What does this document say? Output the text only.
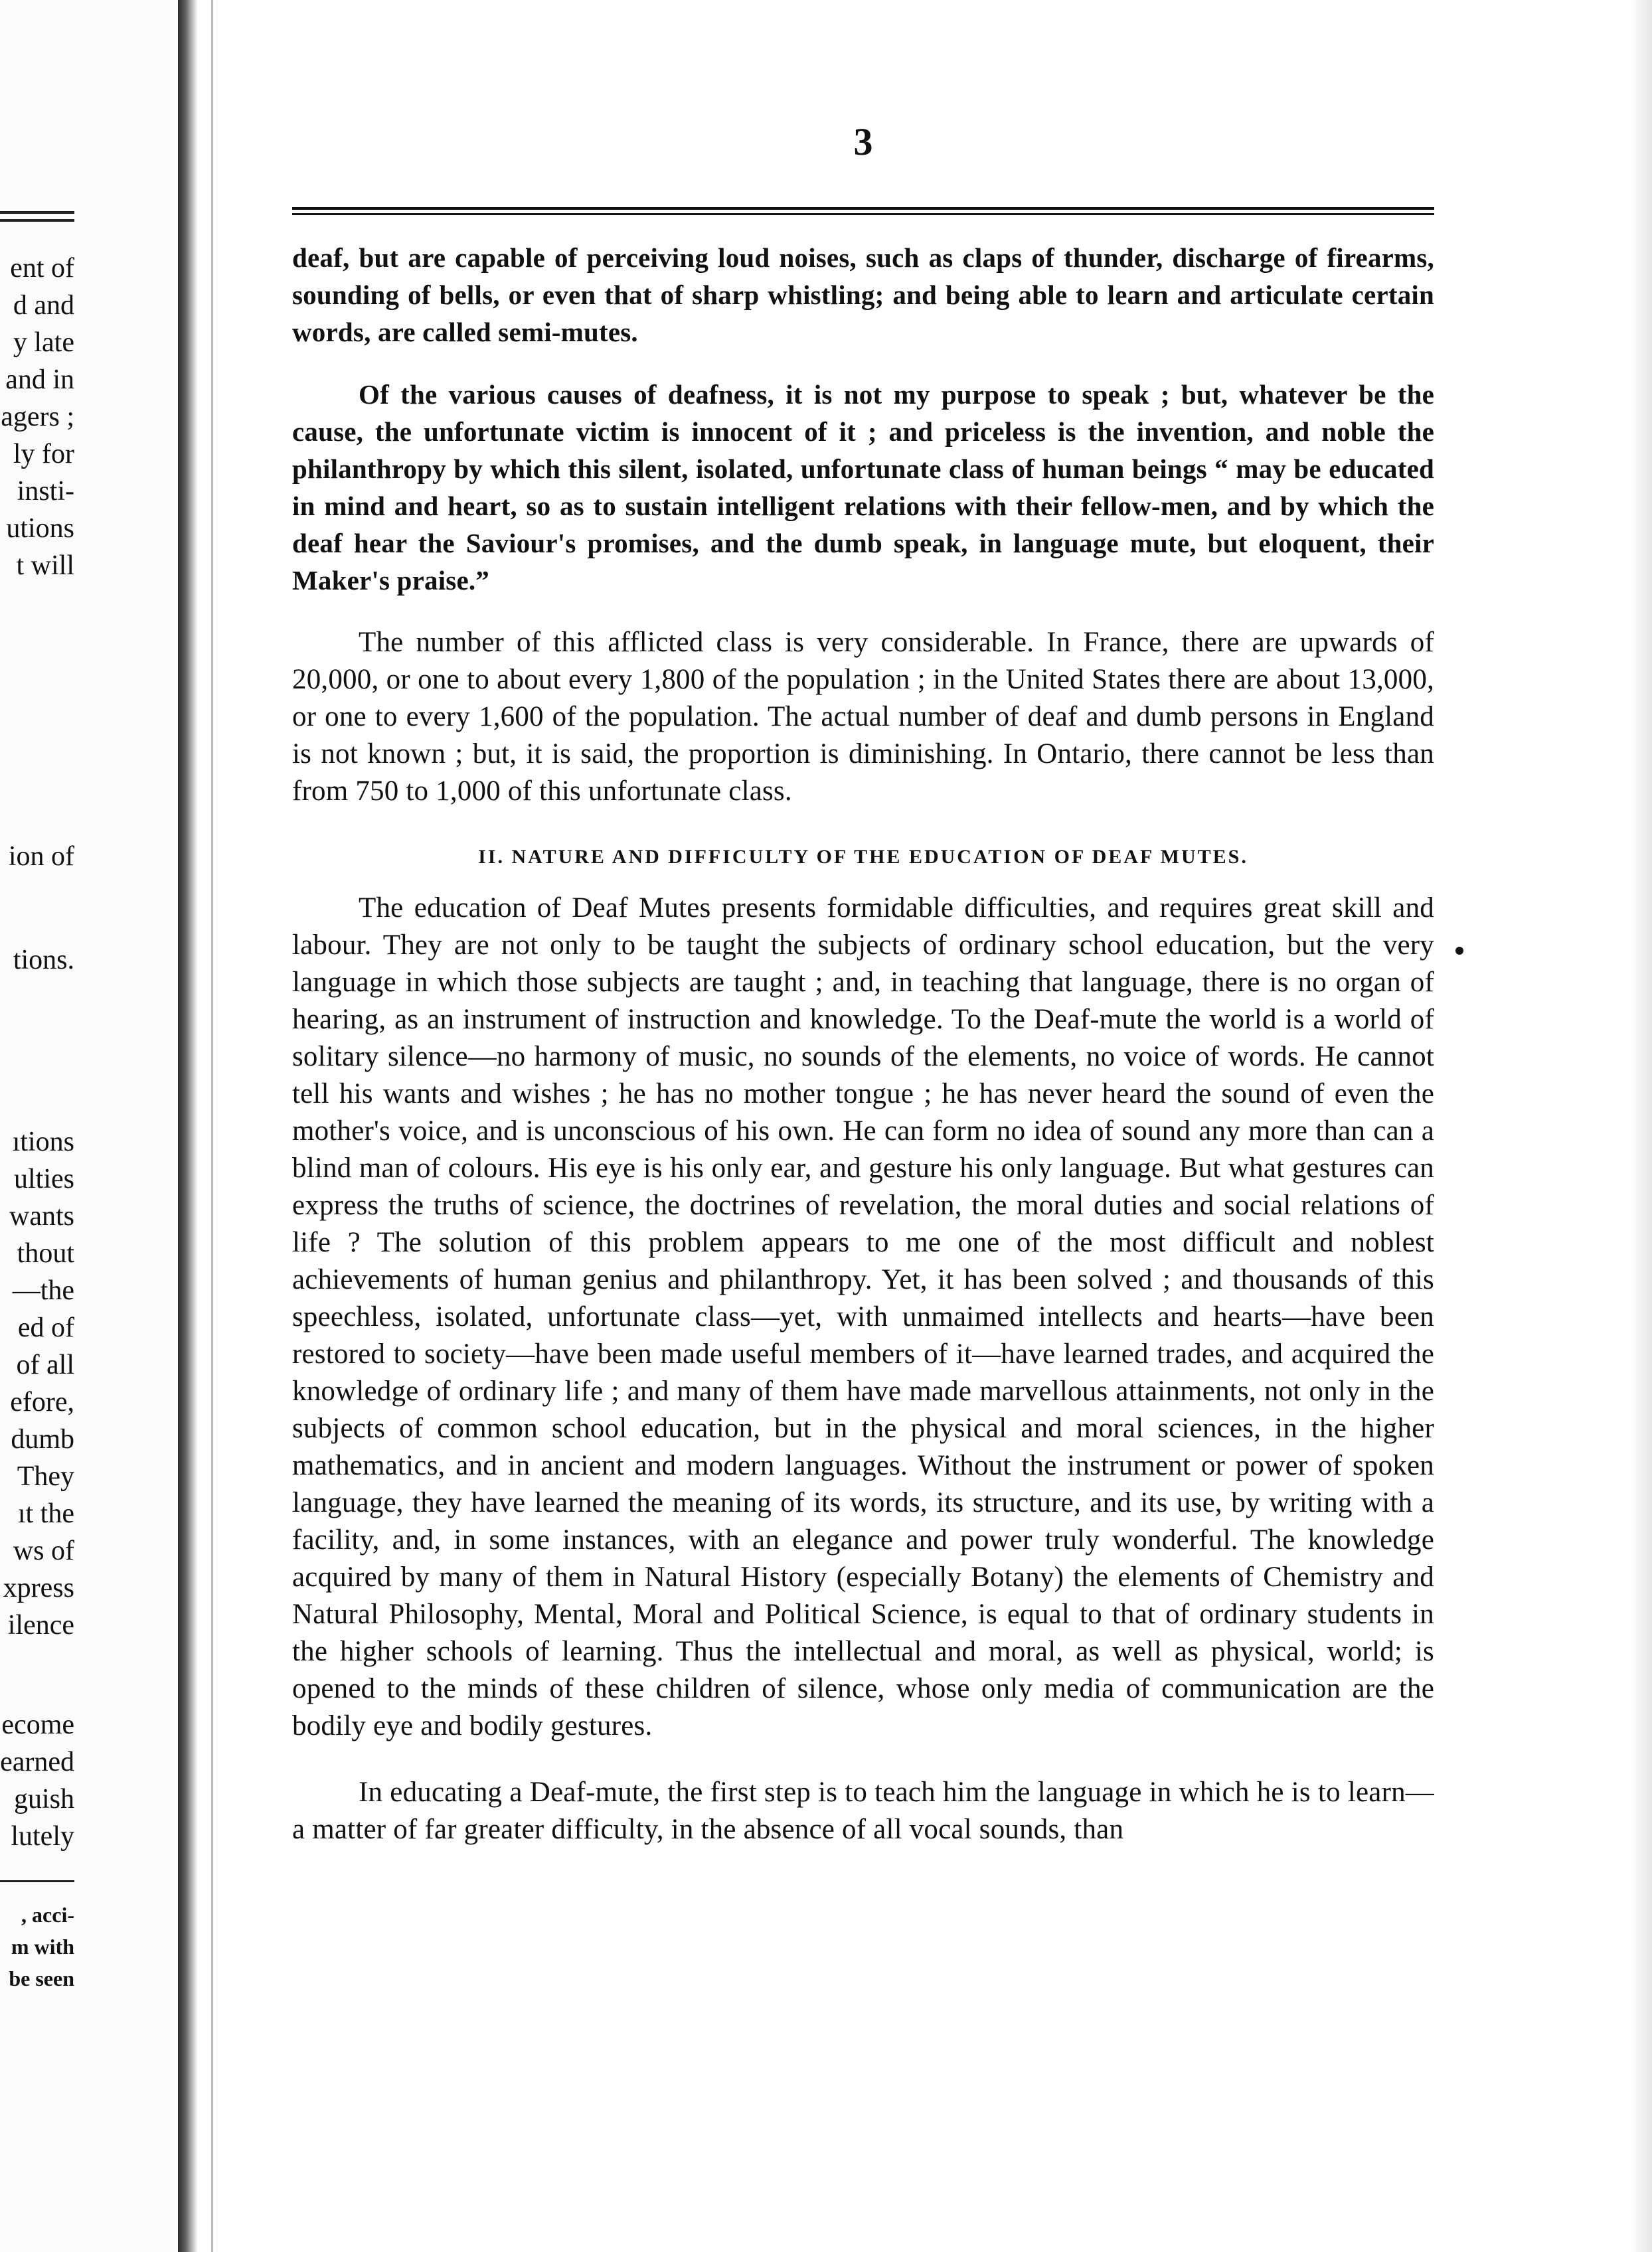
ent of
d and
y late
and in
agers ;
ly for
insti-
utions
t will
ion of
tions.
ıtions
ulties
wants
thout
—the
ed of
of all
efore,
dumb
They
ıt the
ws of
xpress
ilence
ecome
earned
guish
lutely
, acci-
m with
be seen
3

deaf, but are capable of perceiving loud noises, such as claps of thunder, discharge of firearms, sounding of bells, or even that of sharp whistling; and being able to learn and articulate certain words, are called semi-mutes.

Of the various causes of deafness, it is not my purpose to speak ; but, whatever be the cause, the unfortunate victim is innocent of it ; and priceless is the invention, and noble the philanthropy by which this silent, isolated, unfortunate class of human beings “ may be educated in mind and heart, so as to sustain intelligent relations with their fellow-men, and by which the deaf hear the Saviour's promises, and the dumb speak, in language mute, but eloquent, their Maker's praise.”

The number of this afflicted class is very considerable. In France, there are upwards of 20,000, or one to about every 1,800 of the population ; in the United States there are about 13,000, or one to every 1,600 of the population. The actual number of deaf and dumb persons in England is not known ; but, it is said, the proportion is diminishing. In Ontario, there cannot be less than from 750 to 1,000 of this unfortunate class.

II. NATURE AND DIFFICULTY OF THE EDUCATION OF DEAF MUTES.

The education of Deaf Mutes presents formidable difficulties, and requires great skill and labour. They are not only to be taught the subjects of ordinary school education, but the very language in which those subjects are taught ; and, in teaching that language, there is no organ of hearing, as an instrument of instruction and knowledge. To the Deaf-mute the world is a world of solitary silence—no harmony of music, no sounds of the elements, no voice of words. He cannot tell his wants and wishes ; he has no mother tongue ; he has never heard the sound of even the mother's voice, and is unconscious of his own. He can form no idea of sound any more than can a blind man of colours. His eye is his only ear, and gesture his only language. But what gestures can express the truths of science, the doctrines of revelation, the moral duties and social relations of life ? The solution of this problem appears to me one of the most difficult and noblest achievements of human genius and philanthropy. Yet, it has been solved ; and thousands of this speechless, isolated, unfortunate class—yet, with unmaimed intellects and hearts—have been restored to society—have been made useful members of it—have learned trades, and acquired the knowledge of ordinary life ; and many of them have made marvellous attainments, not only in the subjects of common school education, but in the physical and moral sciences, in the higher mathematics, and in ancient and modern languages. Without the instrument or power of spoken language, they have learned the meaning of its words, its structure, and its use, by writing with a facility, and, in some instances, with an elegance and power truly wonderful. The knowledge acquired by many of them in Natural History (especially Botany) the elements of Chemistry and Natural Philosophy, Mental, Moral and Political Science, is equal to that of ordinary students in the higher schools of learning. Thus the intellectual and moral, as well as physical, world; is opened to the minds of these children of silence, whose only media of communication are the bodily eye and bodily gestures.

In educating a Deaf-mute, the first step is to teach him the language in which he is to learn—a matter of far greater difficulty, in the absence of all vocal sounds, than
